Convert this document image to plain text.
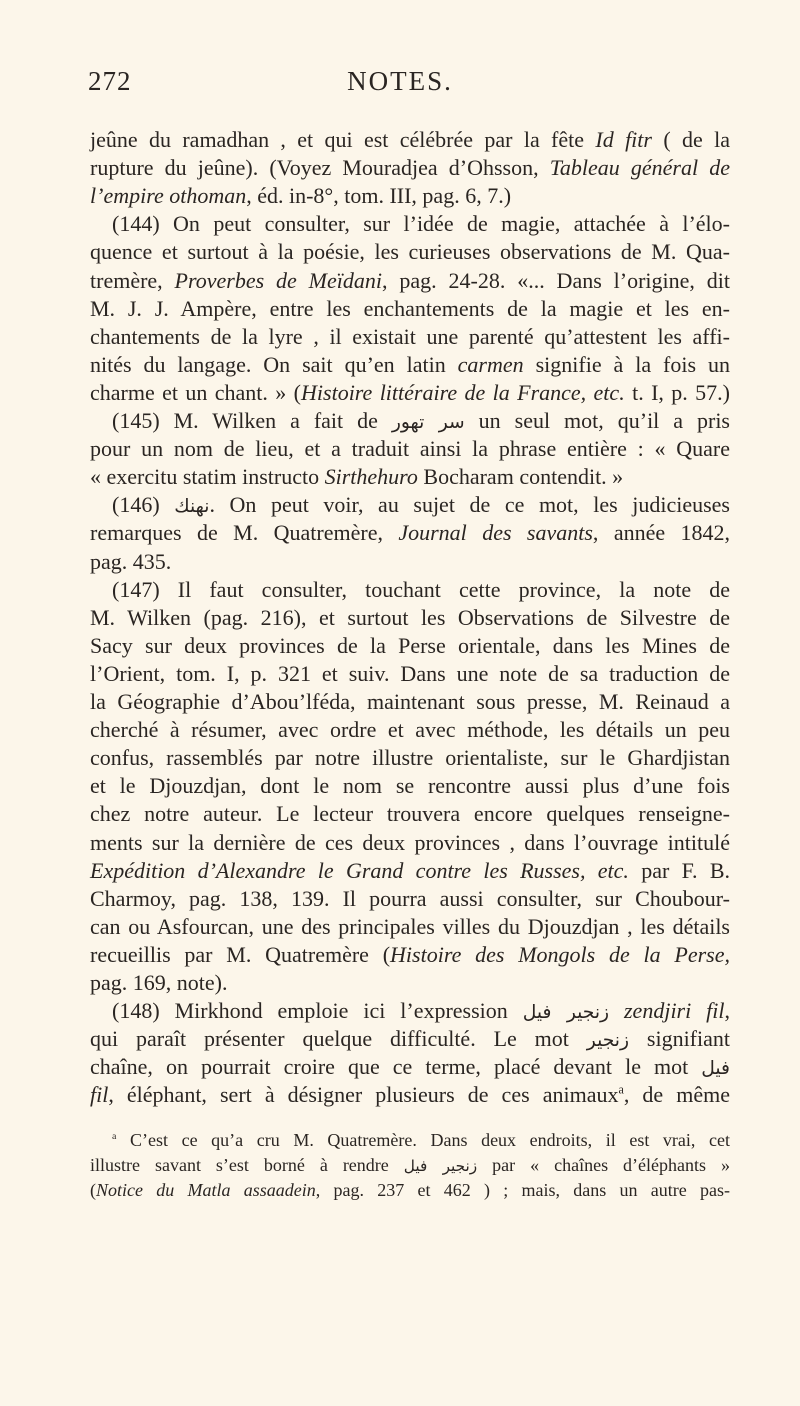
272	NOTES.
jeûne du ramadhan , et qui est célébrée par la fête Id fitr ( de la
rupture du jeûne). (Voyez Mouradjea d’Ohsson, Tableau général de
l’empire othoman, éd. in-8°, tom. III, pag. 6, 7.)
(144) On peut consulter, sur l’idée de magie, attachée à l’élo-
quence et surtout à la poésie, les curieuses observations de M. Qua-
tremère, Proverbes de Meïdani, pag. 24-28. «... Dans l’origine, dit
M. J. J. Ampère, entre les enchantements de la magie et les en-
chantements de la lyre , il existait une parenté qu’attestent les affi-
nités du langage. On sait qu’en latin carmen signifie à la fois un
charme et un chant. » (Histoire littéraire de la France, etc. t. I, p. 57.)
(145) M. Wilken a fait de سر تهور un seul mot, qu’il a pris
pour un nom de lieu, et a traduit ainsi la phrase entière : « Quare
« exercitu statim instructo Sirthehuro Bocharam contendit. »
(146) نهنك. On peut voir, au sujet de ce mot, les judicieuses
remarques de M. Quatremère, Journal des savants, année 1842,
pag. 435.
(147) Il faut consulter, touchant cette province, la note de
M. Wilken (pag. 216), et surtout les Observations de Silvestre de
Sacy sur deux provinces de la Perse orientale, dans les Mines de
l’Orient, tom. I, p. 321 et suiv. Dans une note de sa traduction de
la Géographie d’Abou’lféda, maintenant sous presse, M. Reinaud a
cherché à résumer, avec ordre et avec méthode, les détails un peu
confus, rassemblés par notre illustre orientaliste, sur le Ghardjistan
et le Djouzdjan, dont le nom se rencontre aussi plus d’une fois
chez notre auteur. Le lecteur trouvera encore quelques renseigne-
ments sur la dernière de ces deux provinces , dans l’ouvrage intitulé
Expédition d’Alexandre le Grand contre les Russes, etc. par F. B.
Charmoy, pag. 138, 139. Il pourra aussi consulter, sur Choubour-
can ou Asfourcan, une des principales villes du Djouzdjan , les détails
recueillis par M. Quatremère (Histoire des Mongols de la Perse,
pag. 169, note).
(148) Mirkhond emploie ici l’expression زنجير فيل zendjiri fil,
qui paraît présenter quelque difficulté. Le mot زنجير signifiant
chaîne, on pourrait croire que ce terme, placé devant le mot فيل
fil, éléphant, sert à désigner plusieurs de ces animaux$^a$, de même
$^a$ C’est ce qu’a cru M. Quatremère. Dans deux endroits, il est vrai, cet
illustre savant s’est borné à rendre زنجير فيل par « chaînes d’éléphants »
(Notice du Matla assaadein, pag. 237 et 462 ) ; mais, dans un autre pas-
